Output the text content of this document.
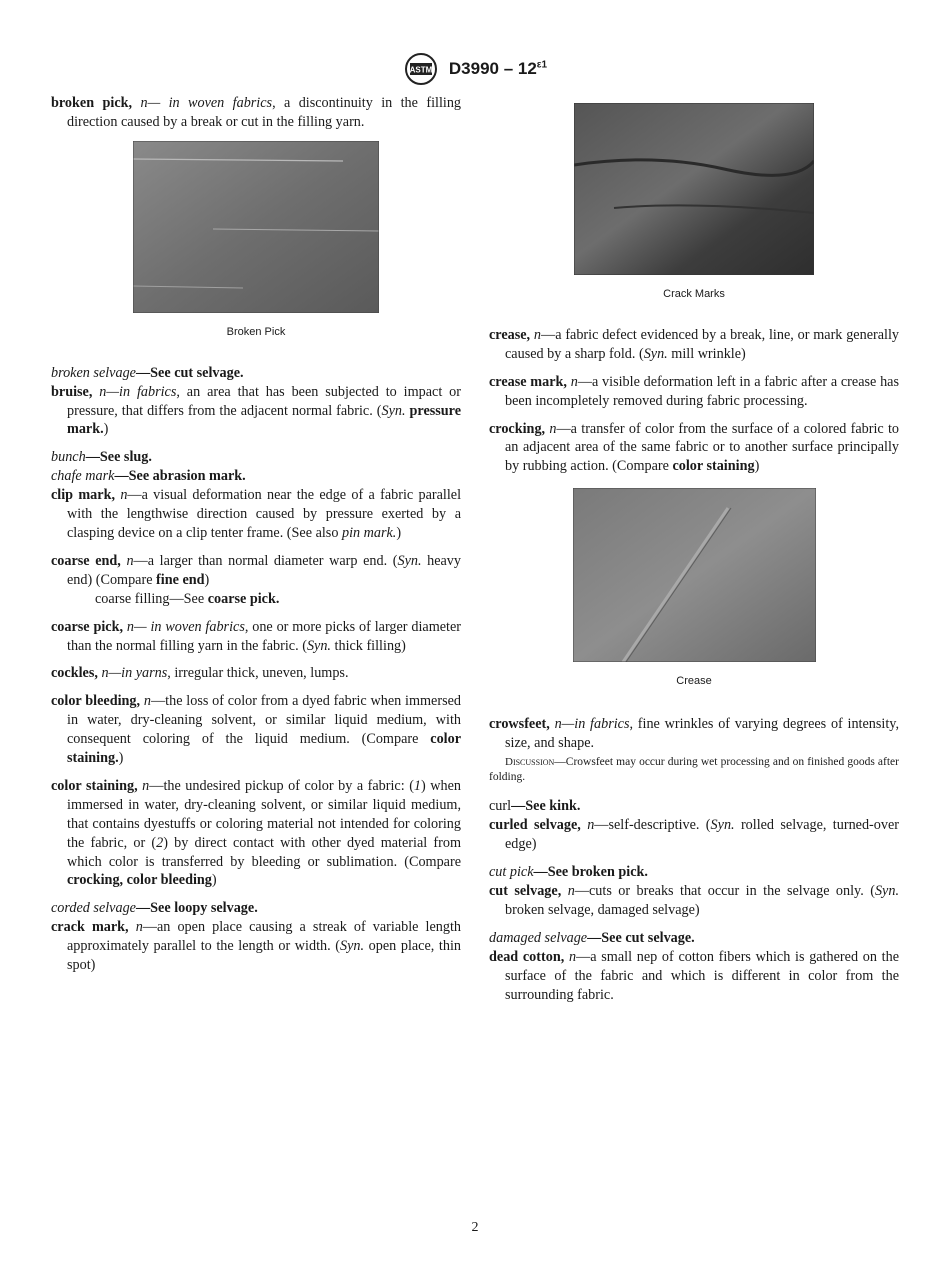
ASTM $D3990 - 12^{\varepsilon 1}$

broken pick, n— in woven fabrics, a discontinuity in the filling direction caused by a break or cut in the filling yarn.

Broken Pick

broken selvage—See cut selvage.

bruise, n—in fabrics, an area that has been subjected to impact or pressure, that differs from the adjacent normal fabric. (Syn. pressure mark.)

bunch—See slug.

chafe mark—See abrasion mark.

clip mark, n—a visual deformation near the edge of a fabric parallel with the lengthwise direction caused by pressure exerted by a clasping device on a clip tenter frame. (See also pin mark.)

coarse end, n—a larger than normal diameter warp end. (Syn. heavy end) (Compare fine end)

coarse filling—See coarse pick.

coarse pick, n— in woven fabrics, one or more picks of larger diameter than the normal filling yarn in the fabric. (Syn. thick filling)

cockles, n—in yarns, irregular thick, uneven, lumps.

color bleeding, n—the loss of color from a dyed fabric when immersed in water, dry-cleaning solvent, or similar liquid medium, with consequent coloring of the liquid medium. (Compare color staining.)

color staining, n—the undesired pickup of color by a fabric: (1) when immersed in water, dry-cleaning solvent, or similar liquid medium, that contains dyestuffs or coloring material not intended for coloring the fabric, or (2) by direct contact with other dyed material from which color is transferred by bleeding or sublimation. (Compare crocking, color bleeding)

corded selvage—See loopy selvage.

crack mark, n—an open place causing a streak of variable length approximately parallel to the length or width. (Syn. open place, thin spot)

Crack Marks

crease, n—a fabric defect evidenced by a break, line, or mark generally caused by a sharp fold. (Syn. mill wrinkle)

crease mark, n—a visible deformation left in a fabric after a crease has been incompletely removed during fabric processing.

crocking, n—a transfer of color from the surface of a colored fabric to an adjacent area of the same fabric or to another surface principally by rubbing action. (Compare color staining)

Crease

crowsfeet, n—in fabrics, fine wrinkles of varying degrees of intensity, size, and shape.

Discussion—Crowsfeet may occur during wet processing and on finished goods after folding.

curl—See kink.

curled selvage, n—self-descriptive. (Syn. rolled selvage, turned-over edge)

cut pick—See broken pick.

cut selvage, n—cuts or breaks that occur in the selvage only. (Syn. broken selvage, damaged selvage)

damaged selvage—See cut selvage.

dead cotton, n—a small nep of cotton fibers which is gathered on the surface of the fabric and which is different in color from the surrounding fabric.

2
